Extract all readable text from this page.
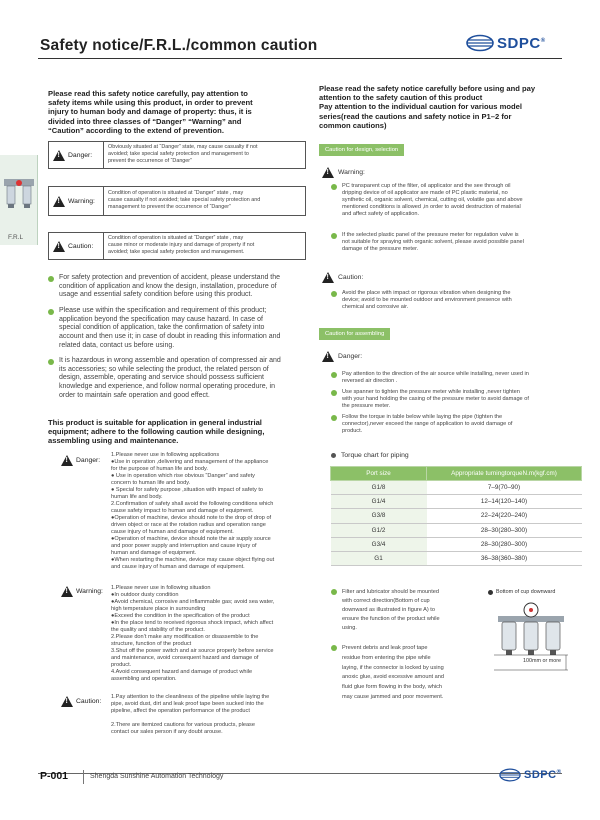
Safety notice/F.R.L./common caution	SDPC®
F.R.L
Please read this safety notice carefully, pay attention to
safety items while using this product, in order to prevent
injury to human body and damage of property: thus, it is
divided into three classes of “Danger” “Warning” and
“Caution” according to the extend of prevention.
!
Danger:
Obviously situated at “Danger” state, may cause casualty if not
avoided; take special safety protection and management to
prevent the occurrence of “Danger”
!
Warning:
Condition of operation is situated at “Danger” state , may
cause casualty if not avoided; take special safety protection and
management to prevent the occurrence of “Danger”
!
Caution:
Condition of operation is situated at “Danger” state , may
cause minor or moderate injury and damage of property if not
avoided; take special safety protection and management.
For safety protection and prevention of accident, please understand the
condition of application and know the design, installation, procedure of
usage and essential safety condition before using this product.
Please use within the specification and requirement of this product;
application beyond the specification may cause hazard. In case of
special condition of application, take the confirmation of safety into
account and then use it; in case of doubt in reading this information and
related data, contact us before using.
It is hazardous in wrong assemble and operation of compressed air and
its accessories; so while selecting the product, the related person of
design, assemble, operating and service should possess sufficient
knowledge and experience, and follow normal operating procedure, in
order to maintain safe operation and good effect.
This product is suitable for application in general industrial
equipment; adhere to the following caution while designing,
assembling using and maintenance.
!
Danger:
1.Please never use in following applications
●Use in operation ,delivering and management of the appliance
for the purpose of human life and body.
● Use in operation which rise obvious “Danger” and safety
concern to human life and body.
● Special for safety purpose ,situation with impact of safety to
human life and body.
2.Confirmation of safety shall avoid the following conditions which
cause safety impact to human and damage of equipment.
●Operation of machine, device should note to the drop of drop of
driven object or race at the rotation radius and operation range
cause injury of human and damage of equipment.
●Operation of machine, device should note the air supply source
and poor power supply and interruption and cause injury of
human and damage of equipment.
●When restarting the machine, device may cause object flying out
and cause injury of human and damage of equipment.
!
Warning: 1.Please never use in following situation
●In outdoor dusty condition
●Avoid chemical, corrosive and inflammable gas; avoid sea water,
high temperature place in surrounding
●Exceed the condition in the specification of the product
●In the place tend to received rigorous shock impact, which affect
the quality and stability of the product.
2.Please don’t make any modification or disassemble to the
structure, function of the product
3.Shut off the power switch and air source properly before service
and maintenance, avoid consequent hazard and damage of
product.
4.Avoid consequent hazard and damage of product while
assembling and operation.
!
Caution:
1.Pay attention to the cleanliness of the pipeline while laying the
pipe, avoid dust, dirt and leak proof tape been sucked into the
pipeline, affect the operation performance of the product
2.There are itemized cautions for various products, please
contact our sales person if any doubt arouse.
Please read the safety notice carefully before using and pay
attention to the safety caution of this product
Pay attention to the individual caution for various model
series(read the cautions and safety notice in P1–2 for
common cautions)
Caution for design, selection
!
Warning:
PC transparent cup of the filter, oil applicator and the see through oil
dripping device of oil applicator are made of PC plastic material, no
synthetic oil, organic solvent, chemical, cutting oil, volatile gas and above
mentioned conditions is allowed ,in order to avoid destruction of material
and affect safety of application.
If the selected plastic panel of the pressure meter for regulation valve is
not suitable for spraying with organic solvent, please avoid possible panel
damage of the pressure meter.
!
Caution:
Avoid the place with impact or rigorous vibration when designing the
device; avoid to be mounted outdoor and environment presence with
chemical and corrosive air.
Caution for assembling
!
Danger:
Pay attention to the direction of the air source while installing, never used in
reversed air direction .
Use spanner to tighten the pressure meter while installing ,never tighten
with your hand holding the casing of the pressure meter to avoid damage of
the pressure meter.
Follow the torque in table below while laying the pipe (tighten the
connector),never exceed the range of application to avoid damage of
product.
Torque chart for piping
Port size	Appropriate turningtorqueN.m(kgf.cm)
G1/8	7–9(70–90)
G1/4	12–14(120–140)
G3/8	22–24(220–240)
G1/2	28–30(280–300)
G3/4	28–30(280–300)
G1	36–38(360–380)
Filter and lubricator should be mounted
with correct direction(Bottom of cup
downward as illustrated in figure A) to
ensure the function of the product while
using.
Prevent debris and leak proof tape
residue from entering the pipe while
laying, if the connector is locked by using
anoxic glue, avoid excessive amount and
fluid glue form flowing in the body, which
may cause jammed and poor movement.
Bottom of cup downward
100mm or more
P-001	Shengda Sunshine Automation Technology	SDPC®
